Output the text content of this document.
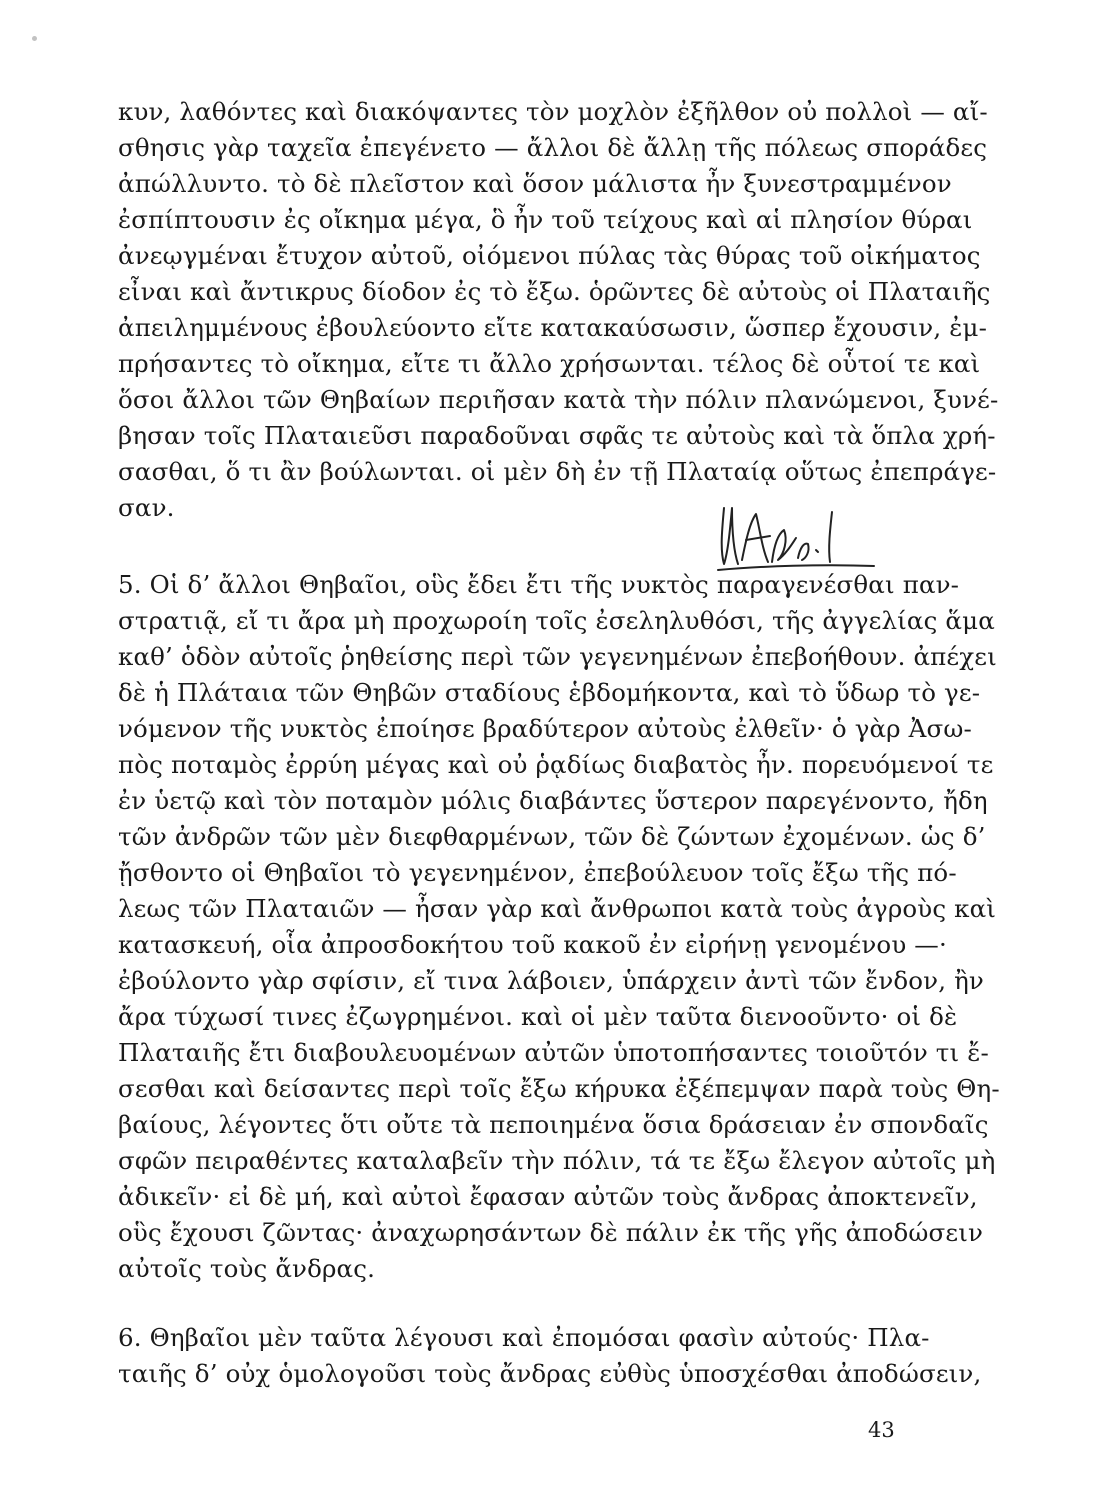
κυν, λαθόντες καὶ διακόψαντες τὸν μοχλὸν ἐξῆλθον οὐ πολλοὶ — αἴ-
σθησις γὰρ ταχεῖα ἐπεγένετο — ἄλλοι δὲ ἄλλῃ τῆς πόλεως σποράδες
ἀπώλλυντο. τὸ δὲ πλεῖστον καὶ ὅσον μάλιστα ἦν ξυνεστραμμένον
ἐσπίπτουσιν ἐς οἴκημα μέγα, ὃ ἦν τοῦ τείχους καὶ αἱ πλησίον θύραι
ἀνεῳγμέναι ἔτυχον αὐτοῦ, οἰόμενοι πύλας τὰς θύρας τοῦ οἰκήματος
εἶναι καὶ ἄντικρυς δίοδον ἐς τὸ ἔξω. ὁρῶντες δὲ αὐτοὺς οἱ Πλαταιῆς
ἀπειλημμένους ἐβουλεύοντο εἴτε κατακαύσωσιν, ὥσπερ ἔχουσιν, ἐμ-
πρήσαντες τὸ οἴκημα, εἴτε τι ἄλλο χρήσωνται. τέλος δὲ οὗτοί τε καὶ
ὅσοι ἄλλοι τῶν Θηβαίων περιῆσαν κατὰ τὴν πόλιν πλανώμενοι, ξυνέ-
βησαν τοῖς Πλαταιεῦσι παραδοῦναι σφᾶς τε αὐτοὺς καὶ τὰ ὅπλα χρή-
σασθαι, ὅ τι ἂν βούλωνται. οἱ μὲν δὴ ἐν τῇ Πλαταίᾳ οὕτως ἐπεπράγε-
σαν.
5. Οἱ δ’ ἄλλοι Θηβαῖοι, οὓς ἔδει ἔτι τῆς νυκτὸς παραγενέσθαι παν-
στρατιᾷ, εἴ τι ἄρα μὴ προχωροίη τοῖς ἐσεληλυθόσι, τῆς ἀγγελίας ἅμα
καθ’ ὁδὸν αὐτοῖς ῥηθείσης περὶ τῶν γεγενημένων ἐπεβοήθουν. ἀπέχει
δὲ ἡ Πλάταια τῶν Θηβῶν σταδίους ἑβδομήκοντα, καὶ τὸ ὕδωρ τὸ γε-
νόμενον τῆς νυκτὸς ἐποίησε βραδύτερον αὐτοὺς ἐλθεῖν· ὁ γὰρ Ἀσω-
πὸς ποταμὸς ἐρρύη μέγας καὶ οὐ ῥᾳδίως διαβατὸς ἦν. πορευόμενοί τε
ἐν ὑετῷ καὶ τὸν ποταμὸν μόλις διαβάντες ὕστερον παρεγένοντο, ἤδη
τῶν ἀνδρῶν τῶν μὲν διεφθαρμένων, τῶν δὲ ζώντων ἐχομένων. ὡς δ’
ᾔσθοντο οἱ Θηβαῖοι τὸ γεγενημένον, ἐπεβούλευον τοῖς ἔξω τῆς πό-
λεως τῶν Πλαταιῶν — ἦσαν γὰρ καὶ ἄνθρωποι κατὰ τοὺς ἀγροὺς καὶ
κατασκευή, οἷα ἀπροσδοκήτου τοῦ κακοῦ ἐν εἰρήνῃ γενομένου —·
ἐβούλοντο γὰρ σφίσιν, εἴ τινα λάβοιεν, ὑπάρχειν ἀντὶ τῶν ἔνδον, ἢν
ἄρα τύχωσί τινες ἐζωγρημένοι. καὶ οἱ μὲν ταῦτα διενοοῦντο· οἱ δὲ
Πλαταιῆς ἔτι διαβουλευομένων αὐτῶν ὑποτοπήσαντες τοιοῦτόν τι ἔ-
σεσθαι καὶ δείσαντες περὶ τοῖς ἔξω κήρυκα ἐξέπεμψαν παρὰ τοὺς Θη-
βαίους, λέγοντες ὅτι οὔτε τὰ πεποιημένα ὅσια δράσειαν ἐν σπονδαῖς
σφῶν πειραθέντες καταλαβεῖν τὴν πόλιν, τά τε ἔξω ἔλεγον αὐτοῖς μὴ
ἀδικεῖν· εἰ δὲ μή, καὶ αὐτοὶ ἔφασαν αὐτῶν τοὺς ἄνδρας ἀποκτενεῖν,
οὓς ἔχουσι ζῶντας· ἀναχωρησάντων δὲ πάλιν ἐκ τῆς γῆς ἀποδώσειν
αὐτοῖς τοὺς ἄνδρας.
6. Θηβαῖοι μὲν ταῦτα λέγουσι καὶ ἐπομόσαι φασὶν αὐτούς· Πλα-
ταιῆς δ’ οὐχ ὁμολογοῦσι τοὺς ἄνδρας εὐθὺς ὑποσχέσθαι ἀποδώσειν,
43
